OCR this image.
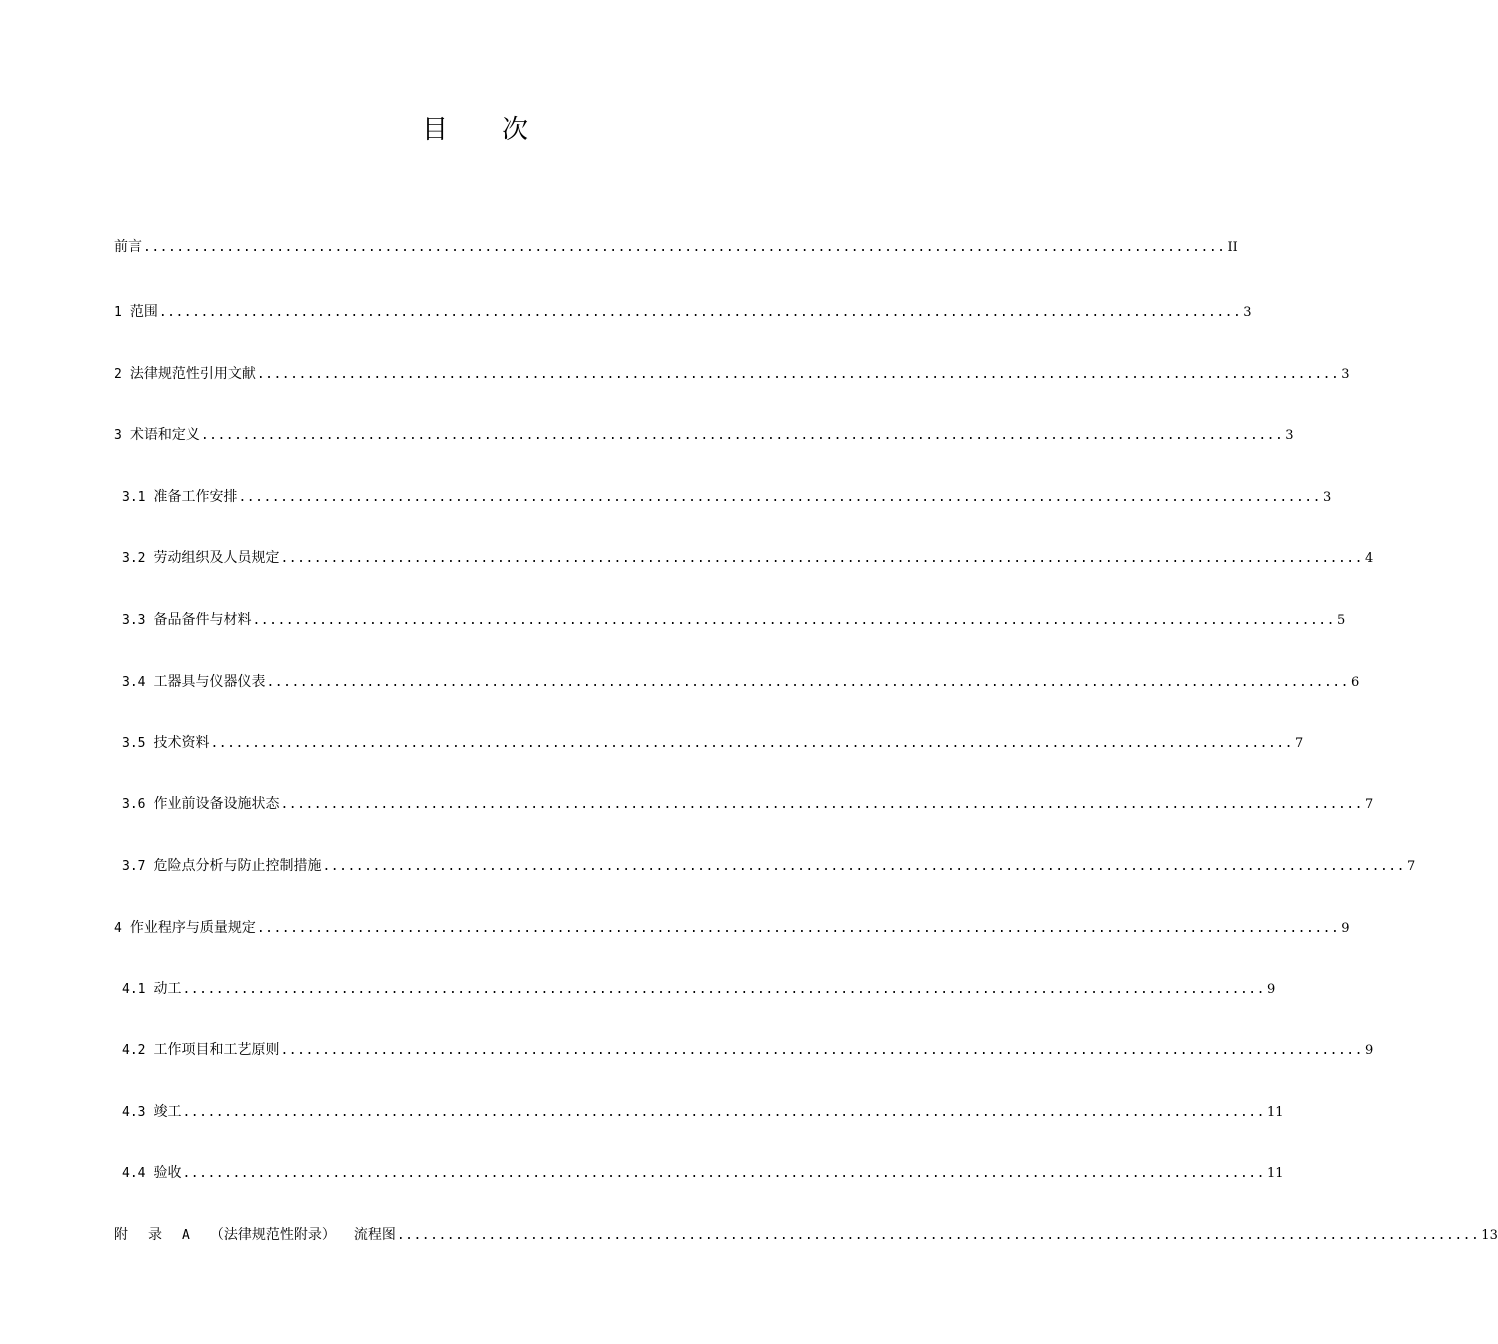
目次
前 言 .................................................................................................................................. II
1 范围 .................................................................................................................................. 3
2 法律规范性引用文献 .................................................................................................................................. 3
3 术语和定义 .................................................................................................................................. 3
3.1 准备工作安排 .................................................................................................................................. 3
3.2 劳动组织及人员规定 .................................................................................................................................. 4
3.3 备品备件与材料 .................................................................................................................................. 5
3.4 工器具与仪器仪表 .................................................................................................................................. 6
3.5 技术资料 .................................................................................................................................. 7
3.6 作业前设备设施状态 .................................................................................................................................. 7
3.7 危险点分析与防止控制措施 .................................................................................................................................. 7
4 作业程序与质量规定 .................................................................................................................................. 9
4.1 动工 .................................................................................................................................. 9
4.2 工作项目和工艺原则 .................................................................................................................................. 9
4.3 竣工 .................................................................................................................................. 11
4.4 验收 .................................................................................................................................. 11
附 录 A （法律规范性附录） 流程图 .................................................................................................................................. 13
